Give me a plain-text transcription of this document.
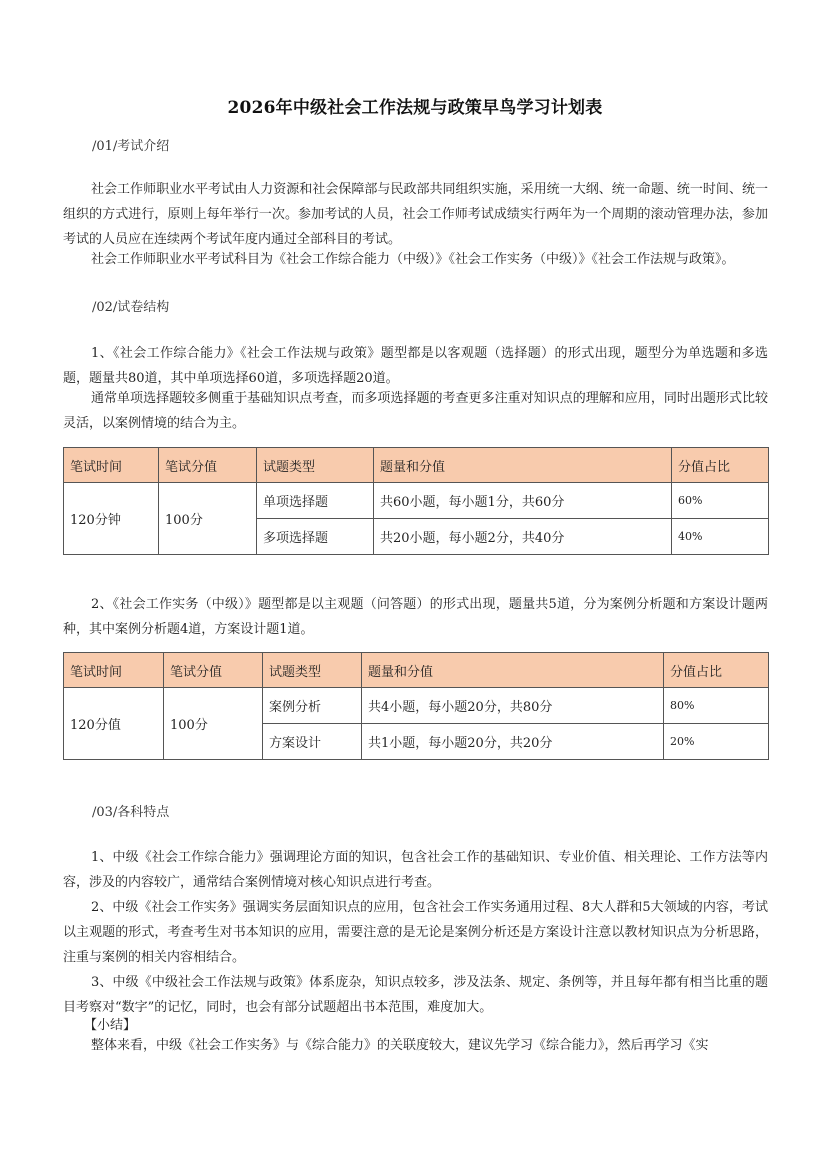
2026年中级社会工作法规与政策早鸟学习计划表
/01/考试介绍

社会工作师职业水平考试由人力资源和社会保障部与民政部共同组织实施，采用统一大纲、统一命题、统一时间、统一组织的方式进行，原则上每年举行一次。参加考试的人员，社会工作师考试成绩实行两年为一个周期的滚动管理办法，参加考试的人员应在连续两个考试年度内通过全部科目的考试。

社会工作师职业水平考试科目为《社会工作综合能力（中级）》《社会工作实务（中级）》《社会工作法规与政策》。

/02/试卷结构

1、《社会工作综合能力》《社会工作法规与政策》题型都是以客观题（选择题）的形式出现，题型分为单选题和多选题，题量共80道，其中单项选择60道，多项选择题20道。

通常单项选择题较多侧重于基础知识点考查，而多项选择题的考查更多注重对知识点的理解和应用，同时出题形式比较灵活，以案例情境的结合为主。

笔试时间	笔试分值	试题类型	题量和分值	分值占比
120分钟	100分	单项选择题	共60小题，每小题1分，共60分	60%
		多项选择题	共20小题，每小题2分，共40分	40%

2、《社会工作实务（中级）》题型都是以主观题（问答题）的形式出现，题量共5道，分为案例分析题和方案设计题两种，其中案例分析题4道，方案设计题1道。

笔试时间	笔试分值	试题类型	题量和分值	分值占比
120分值	100分	案例分析	共4小题，每小题20分，共80分	80%
		方案设计	共1小题，每小题20分，共20分	20%
/03/各科特点

1、中级《社会工作综合能力》强调理论方面的知识，包含社会工作的基础知识、专业价值、相关理论、工作方法等内容，涉及的内容较广，通常结合案例情境对核心知识点进行考查。

2、中级《社会工作实务》强调实务层面知识点的应用，包含社会工作实务通用过程、8大人群和5大领域的内容，考试以主观题的形式，考查考生对书本知识的应用，需要注意的是无论是案例分析还是方案设计注意以教材知识点为分析思路，注重与案例的相关内容相结合。

3、中级《中级社会工作法规与政策》体系庞杂，知识点较多，涉及法条、规定、条例等，并且每年都有相当比重的题目考察对“数字”的记忆，同时，也会有部分试题超出书本范围，难度加大。

【小结】

整体来看，中级《社会工作实务》与《综合能力》的关联度较大，建议先学习《综合能力》，然后再学习《实
